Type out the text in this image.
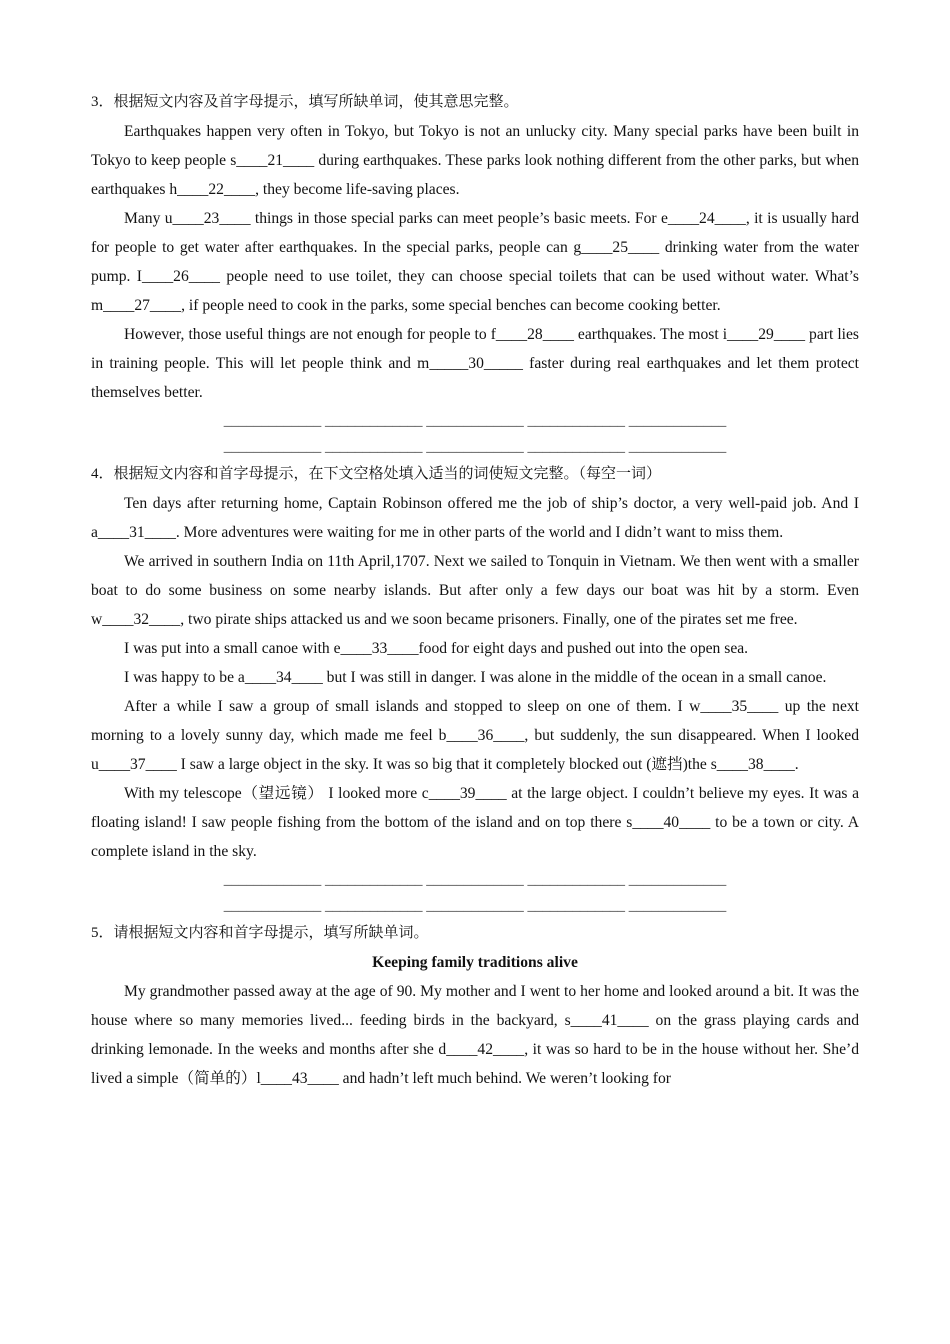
3．根据短文内容及首字母提示，填写所缺单词，使其意思完整。

Earthquakes happen very often in Tokyo, but Tokyo is not an unlucky city. Many special parks have been built in Tokyo to keep people s____21____ during earthquakes. These parks look nothing different from the other parks, but when earthquakes h____22____, they become life-saving places.

Many u____23____ things in those special parks can meet people’s basic meets. For e____24____, it is usually hard for people to get water after earthquakes. In the special parks, people can g____25____ drinking water from the water pump. I____26____ people need to use toilet, they can choose special toilets that can be used without water. What’s m____27____, if people need to cook in the parks, some special benches can become cooking better.

However, those useful things are not enough for people to f____28____ earthquakes. The most i____29____ part lies in training people. This will let people think and m_____30_____ faster during real earthquakes and let them protect themselves better.

_____________ _____________ _____________ _____________ _____________
_____________ _____________ _____________ _____________ _____________

4．根据短文内容和首字母提示，在下文空格处填入适当的词使短文完整。（每空一词）

Ten days after returning home, Captain Robinson offered me the job of ship’s doctor, a very well-paid job. And I a____31____. More adventures were waiting for me in other parts of the world and I didn’t want to miss them.

We arrived in southern India on 11th April,1707. Next we sailed to Tonquin in Vietnam. We then went with a smaller boat to do some business on some nearby islands. But after only a few days our boat was hit by a storm. Even w____32____, two pirate ships attacked us and we soon became prisoners. Finally, one of the pirates set me free.

I was put into a small canoe with e____33____food for eight days and pushed out into the open sea.

I was happy to be a____34____ but I was still in danger. I was alone in the middle of the ocean in a small canoe.

After a while I saw a group of small islands and stopped to sleep on one of them. I w____35____ up the next morning to a lovely sunny day, which made me feel b____36____, but suddenly, the sun disappeared. When I looked u____37____ I saw a large object in the sky. It was so big that it completely blocked out (遮挡)the s____38____.

With my telescope（望远镜） I looked more c____39____ at the large object. I couldn’t believe my eyes. It was a floating island! I saw people fishing from the bottom of the island and on top there s____40____ to be a town or city. A complete island in the sky.

_____________ _____________ _____________ _____________ _____________
_____________ _____________ _____________ _____________ _____________

5．请根据短文内容和首字母提示，填写所缺单词。

Keeping family traditions alive

My grandmother passed away at the age of 90. My mother and I went to her home and looked around a bit. It was the house where so many memories lived... feeding birds in the backyard, s____41____ on the grass playing cards and drinking lemonade. In the weeks and months after she d____42____, it was so hard to be in the house without her. She’d lived a simple（简单的）l____43____ and hadn’t left much behind. We weren’t looking for
